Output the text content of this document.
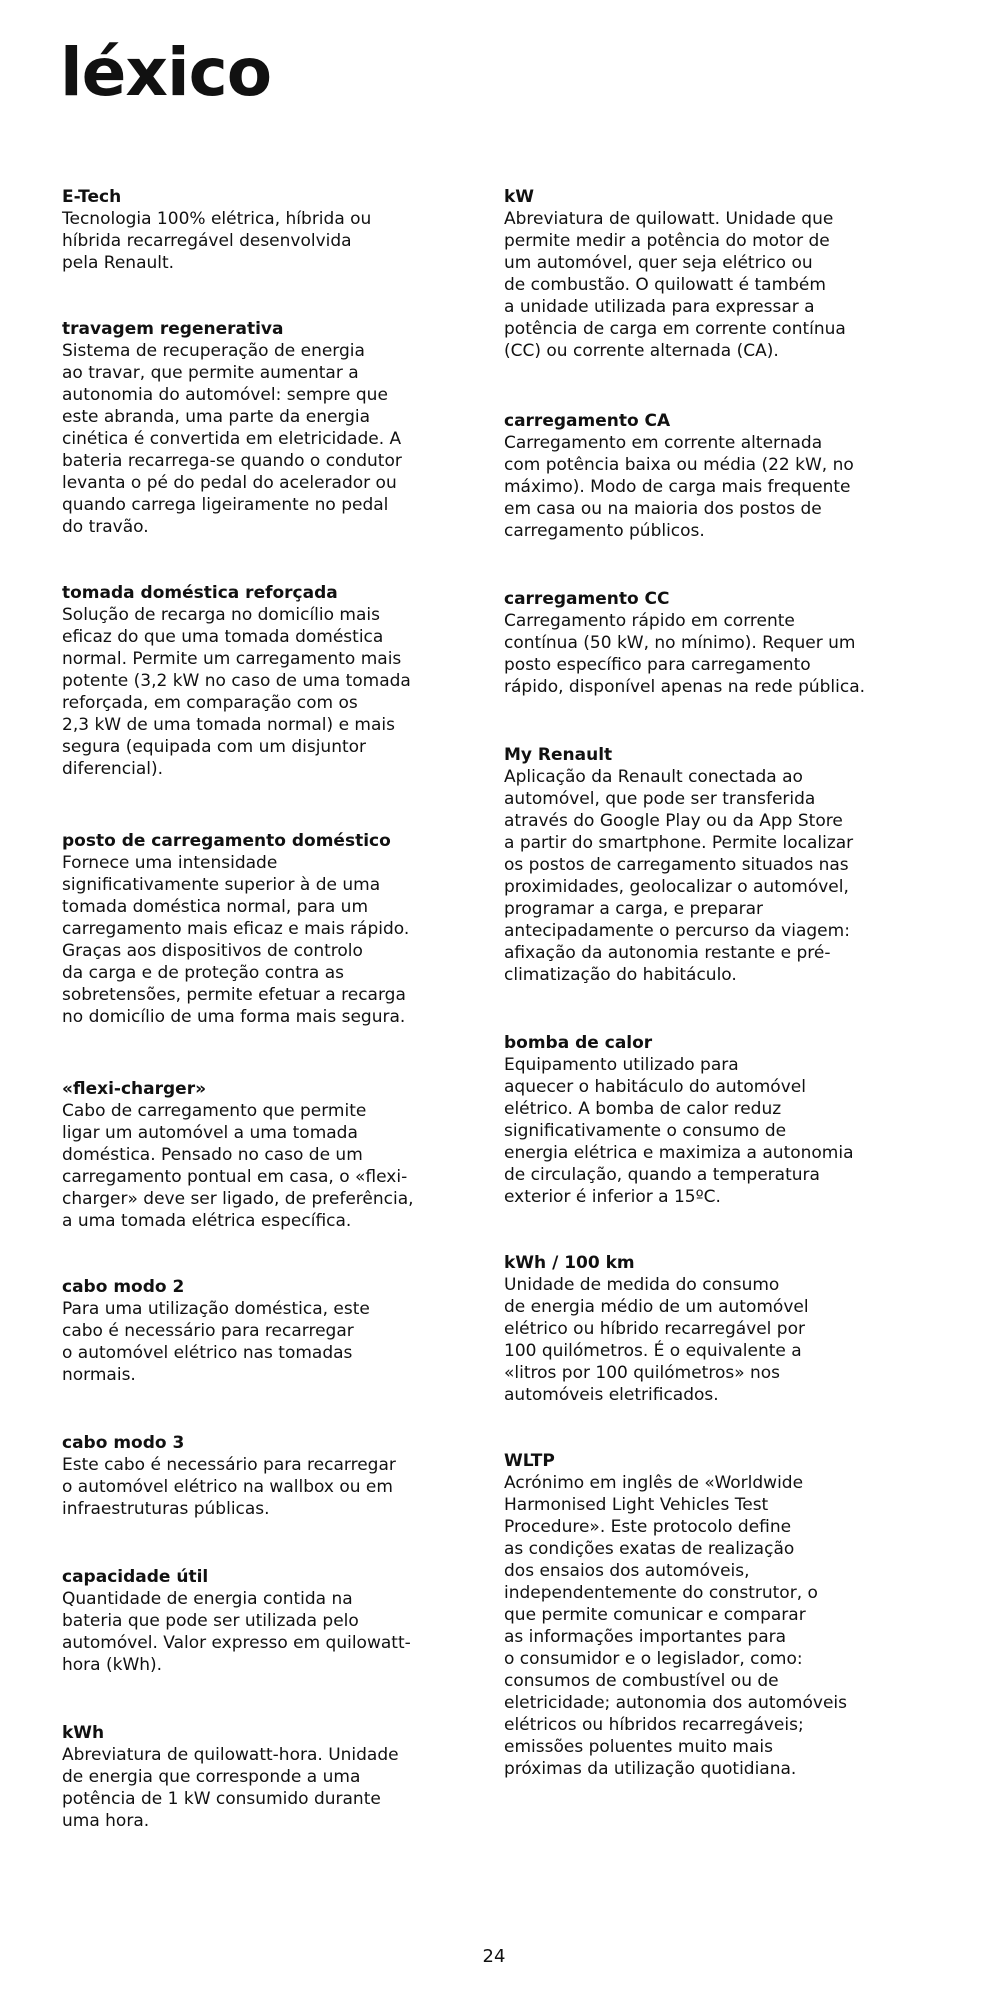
léxico
E-Tech
Tecnologia 100% elétrica, híbrida ou
híbrida recarregável desenvolvida
pela Renault.
travagem regenerativa
Sistema de recuperação de energia
ao travar, que permite aumentar a
autonomia do automóvel: sempre que
este abranda, uma parte da energia
cinética é convertida em eletricidade. A
bateria recarrega-se quando o condutor
levanta o pé do pedal do acelerador ou
quando carrega ligeiramente no pedal
do travão.
tomada doméstica reforçada
Solução de recarga no domicílio mais
eficaz do que uma tomada doméstica
normal. Permite um carregamento mais
potente (3,2 kW no caso de uma tomada
reforçada, em comparação com os
2,3 kW de uma tomada normal) e mais
segura (equipada com um disjuntor
diferencial).
posto de carregamento doméstico
Fornece uma intensidade
significativamente superior à de uma
tomada doméstica normal, para um
carregamento mais eficaz e mais rápido.
Graças aos dispositivos de controlo
da carga e de proteção contra as
sobretensões, permite efetuar a recarga
no domicílio de uma forma mais segura.
«flexi-charger»
Cabo de carregamento que permite
ligar um automóvel a uma tomada
doméstica. Pensado no caso de um
carregamento pontual em casa, o «flexi-
charger» deve ser ligado, de preferência,
a uma tomada elétrica específica.
cabo modo 2
Para uma utilização doméstica, este
cabo é necessário para recarregar
o automóvel elétrico nas tomadas
normais.
cabo modo 3
Este cabo é necessário para recarregar
o automóvel elétrico na wallbox ou em
infraestruturas públicas.
capacidade útil
Quantidade de energia contida na
bateria que pode ser utilizada pelo
automóvel. Valor expresso em quilowatt-
hora (kWh).
kWh
Abreviatura de quilowatt-hora. Unidade
de energia que corresponde a uma
potência de 1 kW consumido durante
uma hora.
kW
Abreviatura de quilowatt. Unidade que
permite medir a potência do motor de
um automóvel, quer seja elétrico ou
de combustão. O quilowatt é também
a unidade utilizada para expressar a
potência de carga em corrente contínua
(CC) ou corrente alternada (CA).
carregamento CA
Carregamento em corrente alternada
com potência baixa ou média (22 kW, no
máximo). Modo de carga mais frequente
em casa ou na maioria dos postos de
carregamento públicos.
carregamento CC
Carregamento rápido em corrente
contínua (50 kW, no mínimo). Requer um
posto específico para carregamento
rápido, disponível apenas na rede pública.
My Renault
Aplicação da Renault conectada ao
automóvel, que pode ser transferida
através do Google Play ou da App Store
a partir do smartphone. Permite localizar
os postos de carregamento situados nas
proximidades, geolocalizar o automóvel,
programar a carga, e preparar
antecipadamente o percurso da viagem:
afixação da autonomia restante e pré-
climatização do habitáculo.
bomba de calor
Equipamento utilizado para
aquecer o habitáculo do automóvel
elétrico. A bomba de calor reduz
significativamente o consumo de
energia elétrica e maximiza a autonomia
de circulação, quando a temperatura
exterior é inferior a 15ºC.
kWh / 100 km
Unidade de medida do consumo
de energia médio de um automóvel
elétrico ou híbrido recarregável por
100 quilómetros. É o equivalente a
«litros por 100 quilómetros» nos
automóveis eletrificados.
WLTP
Acrónimo em inglês de «Worldwide
Harmonised Light Vehicles Test
Procedure». Este protocolo define
as condições exatas de realização
dos ensaios dos automóveis,
independentemente do construtor, o
que permite comunicar e comparar
as informações importantes para
o consumidor e o legislador, como:
consumos de combustível ou de
eletricidade; autonomia dos automóveis
elétricos ou híbridos recarregáveis;
emissões poluentes muito mais
próximas da utilização quotidiana.
24
